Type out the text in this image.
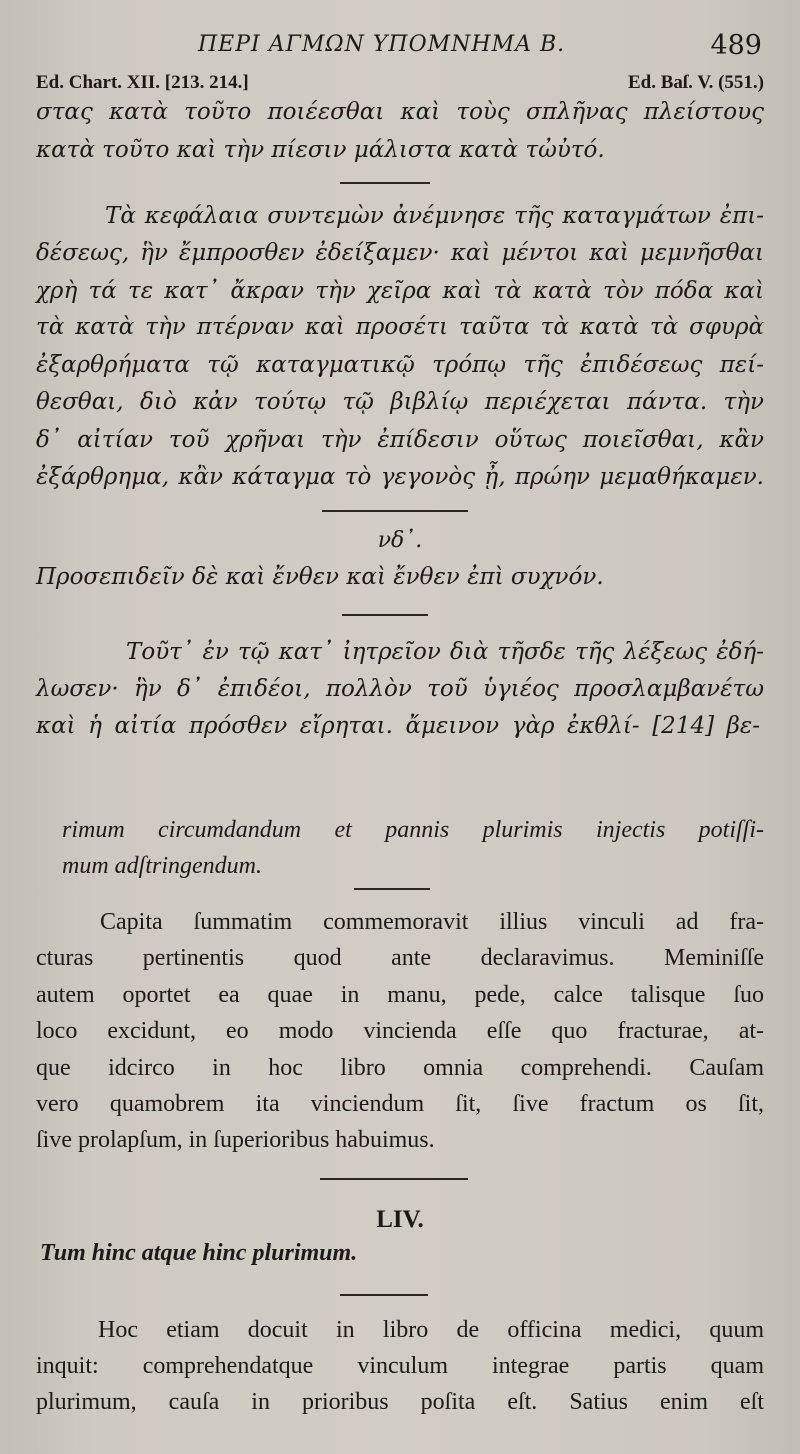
ΠΕΡΙ ΑΓΜΩΝ ΥΠΟΜΝΗΜΑ Β.	489
Ed. Chart. XII. [213. 214.]	Ed. Baſ. V. (551.)
στας κατὰ τοῦτο ποιέεσθαι καὶ τοὺς σπλῆνας πλείστους
κατὰ τοῦτο καὶ τὴν πίεσιν μάλιστα κατὰ τὠὐτό.
Τὰ κεφάλαια συντεμὼν ἀνέμνησε τῆς καταγμάτων ἐπι-
δέσεως, ἣν ἔμπροσθεν ἐδείξαμεν· καὶ μέντοι καὶ μεμνῆσθαι
χρὴ τά τε κατ᾽ ἄκραν τὴν χεῖρα καὶ τὰ κατὰ τὸν πόδα καὶ
τὰ κατὰ τὴν πτέρναν καὶ προσέτι ταῦτα τὰ κατὰ τὰ σφυρὰ
ἐξαρθρήματα τῷ καταγματικῷ τρόπῳ τῆς ἐπιδέσεως πεί-
θεσθαι, διὸ κἀν τούτῳ τῷ βιβλίῳ περιέχεται πάντα. τὴν
δ᾽ αἰτίαν τοῦ χρῆναι τὴν ἐπίδεσιν οὕτως ποιεῖσθαι, κἂν
ἐξάρθρημα, κἂν κάταγμα τὸ γεγονὸς ᾖ, πρώην μεμαθήκαμεν.
νδ᾽.
Προσεπιδεῖν δὲ καὶ ἔνθεν καὶ ἔνθεν ἐπὶ συχνόν.
Τοῦτ᾽ ἐν τῷ κατ᾽ ἰητρεῖον διὰ τῆσδε τῆς λέξεως ἐδή-
λωσεν· ἣν δ᾽ ἐπιδέοι, πολλὸν τοῦ ὑγιέος προσλαμβανέτω
καὶ ἡ αἰτία πρόσθεν εἴρηται. ἄμεινον γὰρ ἐκθλί- [214] βε-
rimum circumdandum et pannis plurimis injectis potiſſi-
mum adſtringendum.
Capita ſummatim commemoravit illius vinculi ad fra-
cturas pertinentis quod ante declaravimus. Meminiſſe
autem oportet ea quae in manu, pede, calce talisque ſuo
loco excidunt, eo modo vincienda eſſe quo fracturae, at-
que idcirco in hoc libro omnia comprehendi. Cauſam
vero quamobrem ita vinciendum ſit, ſive fractum os ſit,
ſive prolapſum, in ſuperioribus habuimus.
LIV.
Tum hinc atque hinc plurimum.
Hoc etiam docuit in libro de officina medici, quum
inquit: comprehendatque vinculum integrae partis quam
plurimum, cauſa in prioribus poſita eſt. Satius enim eſt
